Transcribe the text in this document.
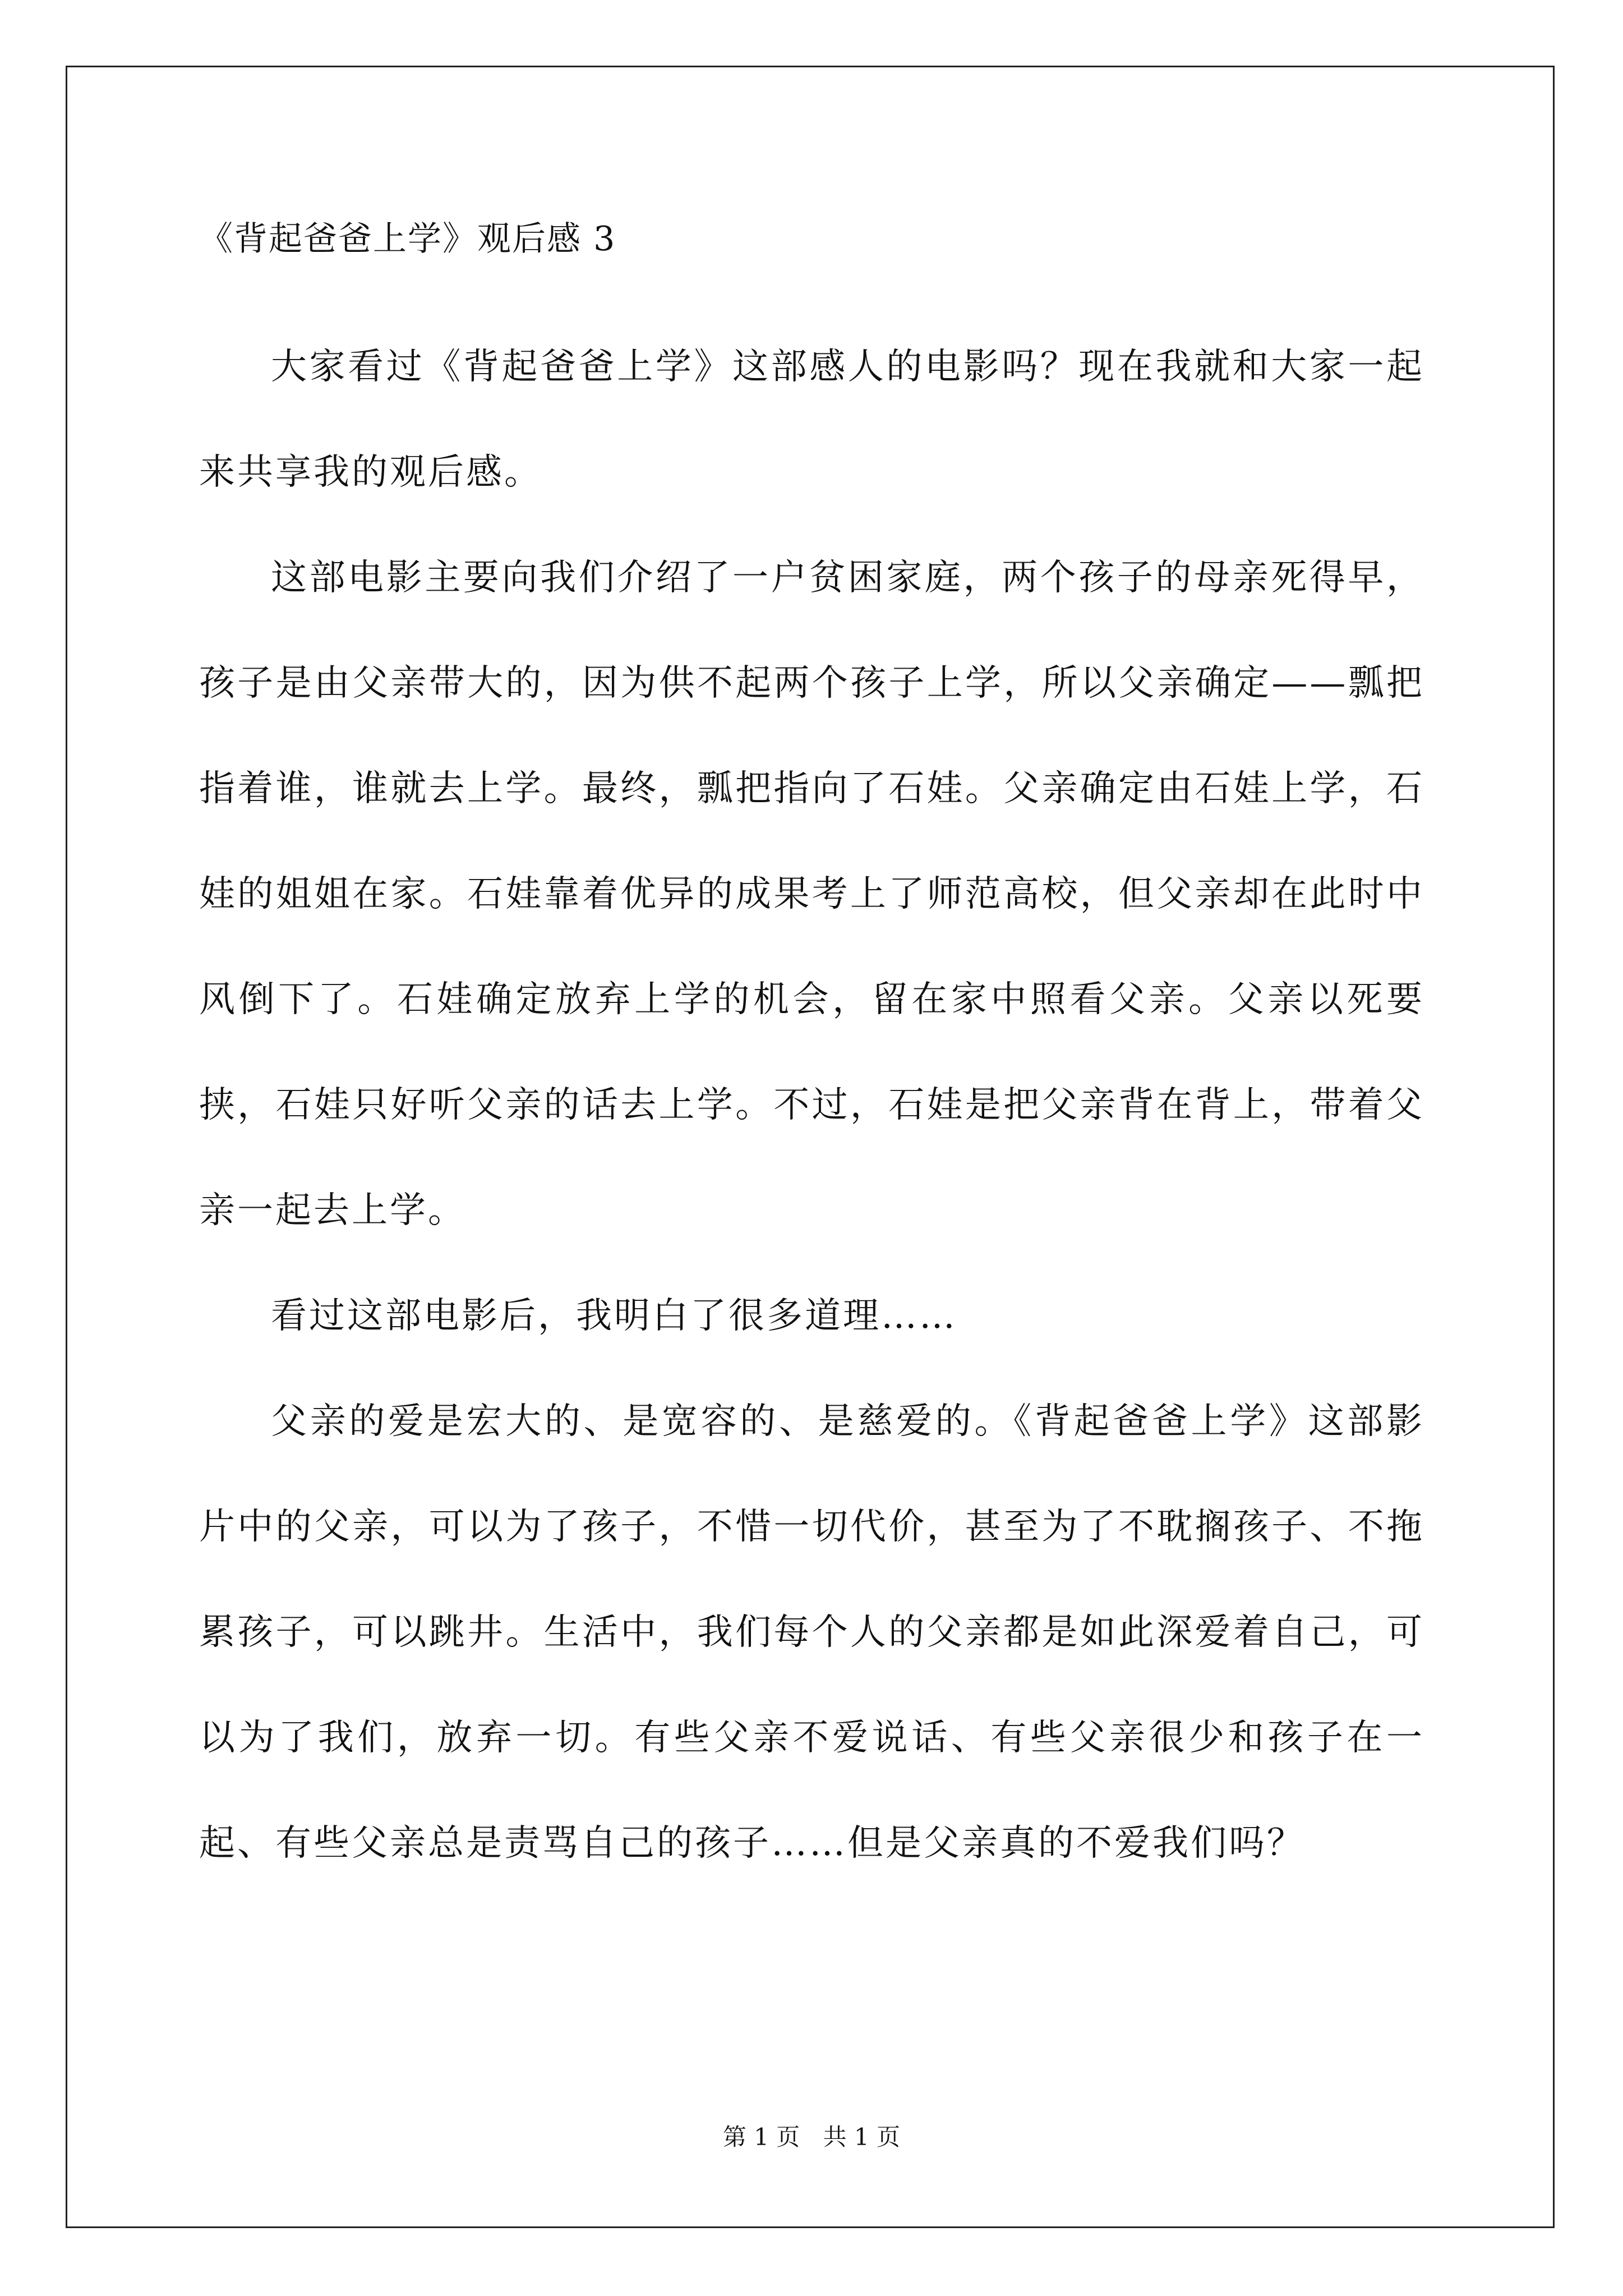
《背起爸爸上学》观后感 3

大家看过《背起爸爸上学》这部感人的电影吗？现在我就和大家一起来共享我的观后感。

这部电影主要向我们介绍了一户贫困家庭，两个孩子的母亲死得早，孩子是由父亲带大的，因为供不起两个孩子上学，所以父亲确定——瓢把指着谁，谁就去上学。最终，瓢把指向了石娃。父亲确定由石娃上学，石娃的姐姐在家。石娃靠着优异的成果考上了师范高校，但父亲却在此时中风倒下了。石娃确定放弃上学的机会，留在家中照看父亲。父亲以死要挟，石娃只好听父亲的话去上学。不过，石娃是把父亲背在背上，带着父亲一起去上学。

看过这部电影后，我明白了很多道理……

父亲的爱是宏大的、是宽容的、是慈爱的。《背起爸爸上学》这部影片中的父亲，可以为了孩子，不惜一切代价，甚至为了不耽搁孩子、不拖累孩子，可以跳井。生活中，我们每个人的父亲都是如此深爱着自己，可以为了我们，放弃一切。有些父亲不爱说话、有些父亲很少和孩子在一起、有些父亲总是责骂自己的孩子……但是父亲真的不爱我们吗？

第 1 页 共 1 页
